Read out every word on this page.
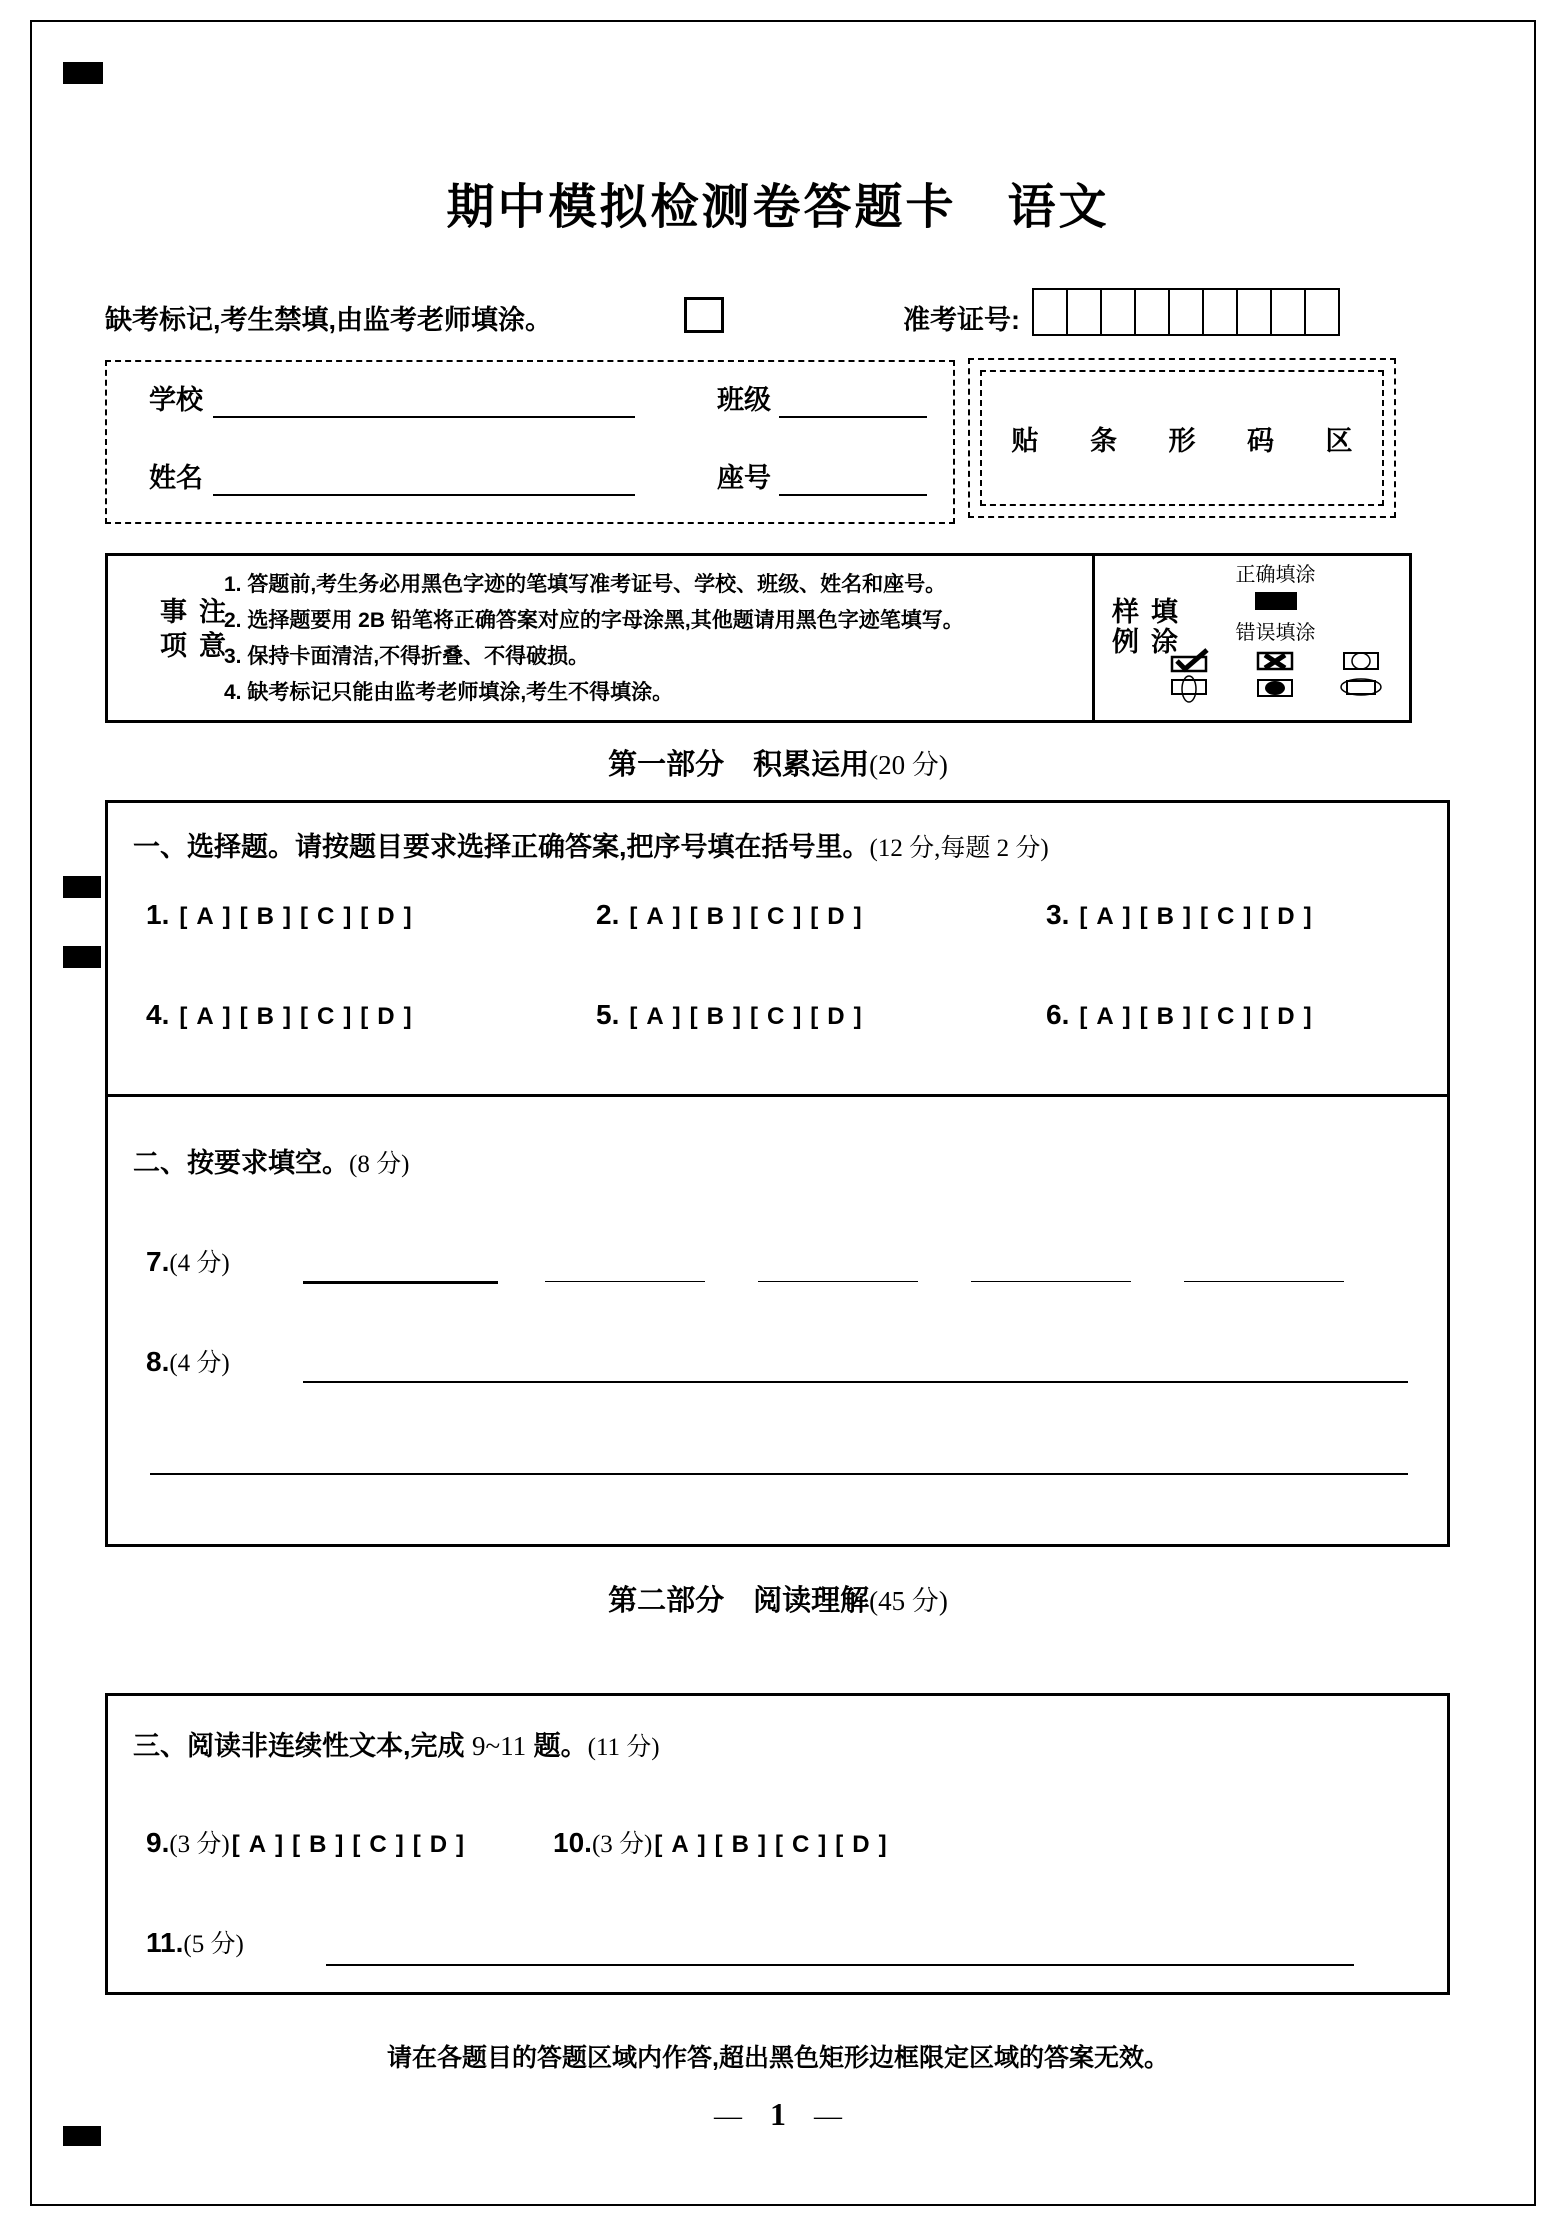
期中模拟检测卷答题卡　语文
缺考标记,考生禁填,由监考老师填涂。	准考证号:
学校	班级
姓名	座号
贴 条 形 码 区
注意事项
1. 答题前,考生务必用黑色字迹的笔填写准考证号、学校、班级、姓名和座号。
2. 选择题要用 2B 铅笔将正确答案对应的字母涂黑,其他题请用黑色字迹笔填写。
3. 保持卡面清洁,不得折叠、不得破损。
4. 缺考标记只能由监考老师填涂,考生不得填涂。
填涂样例
正确填涂
错误填涂
第一部分　积累运用(20 分)
一、选择题。请按题目要求选择正确答案,把序号填在括号里。(12 分,每题 2 分)
1. [A][B][C][D]	2. [A][B][C][D]	3. [A][B][C][D]
4. [A][B][C][D]	5. [A][B][C][D]	6. [A][B][C][D]
二、按要求填空。(8 分)
7.(4 分)
8.(4 分)
第二部分　阅读理解(45 分)
三、阅读非连续性文本,完成 9~11 题。(11 分)
9.(3 分)[A][B][C][D]	10.(3 分)[A][B][C][D]
11.(5 分)
请在各题目的答题区域内作答,超出黑色矩形边框限定区域的答案无效。
— 1 —
